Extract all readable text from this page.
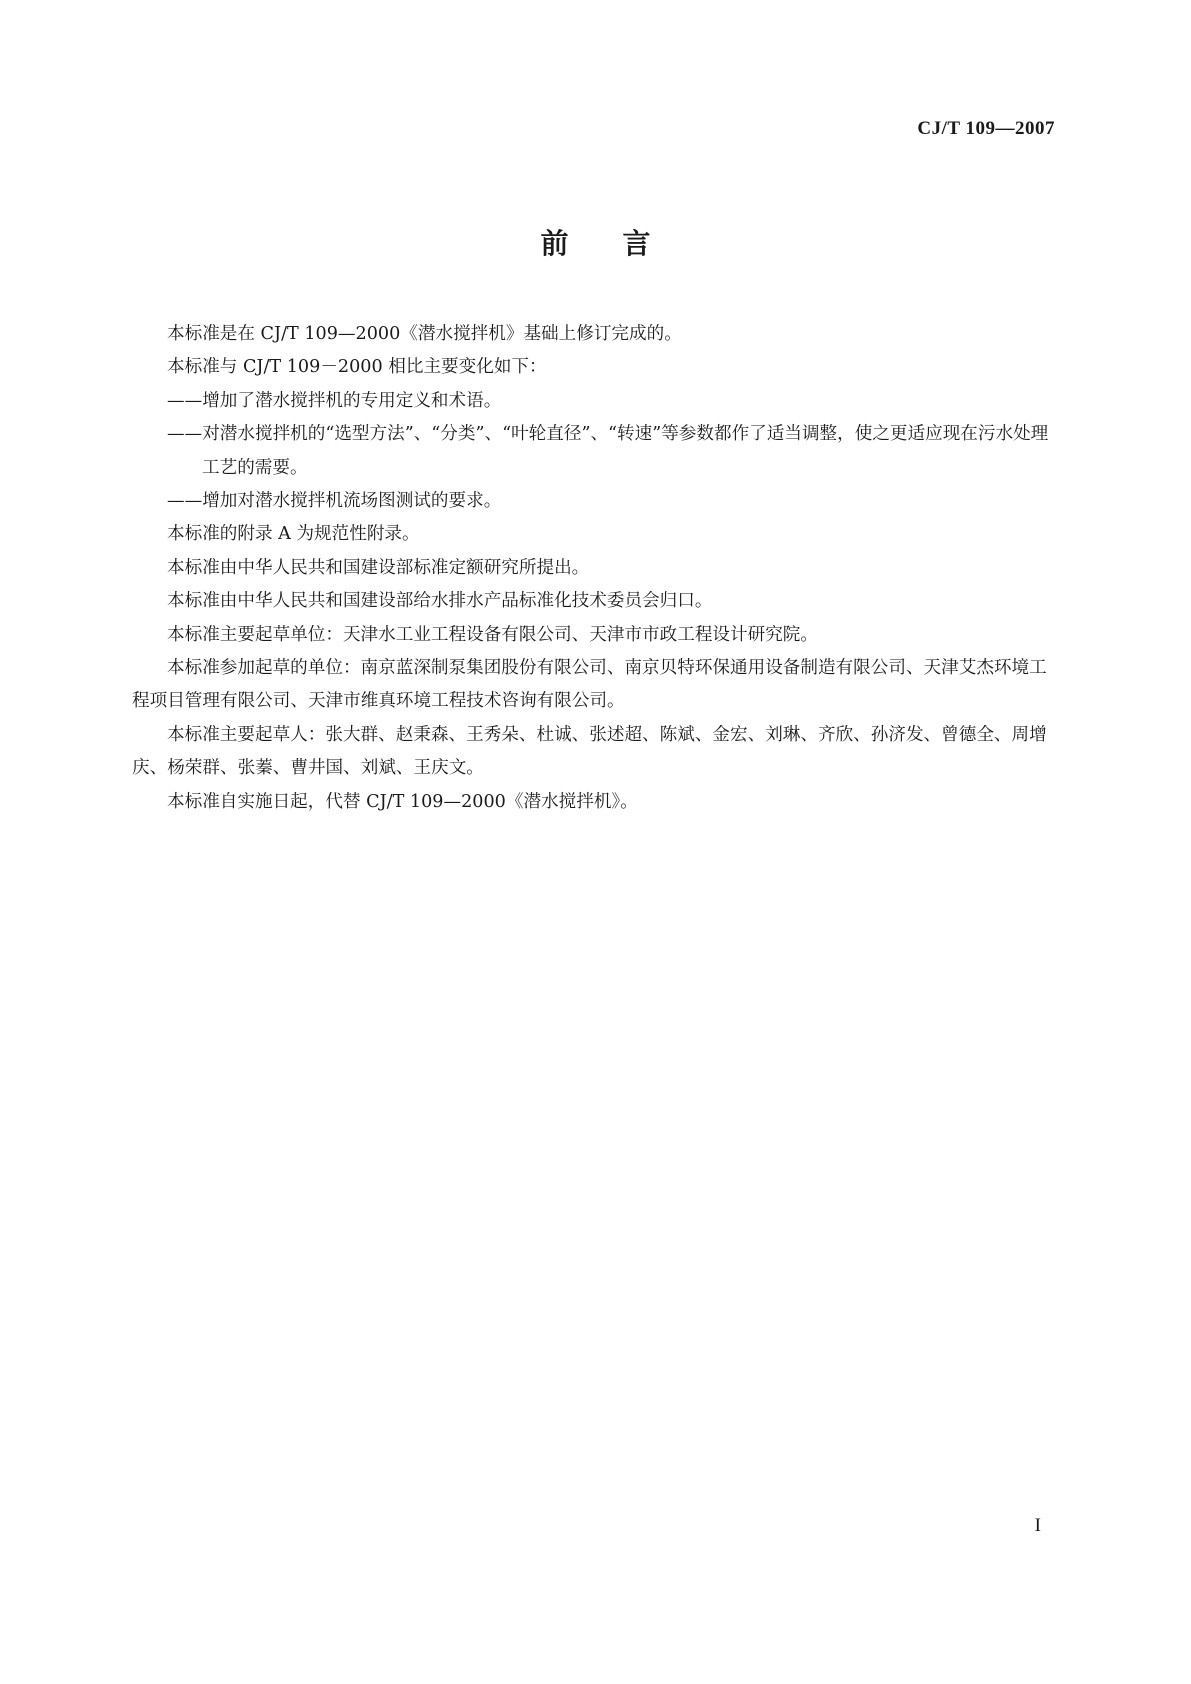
CJ/T 109—2007
前言

本标准是在 CJ/T 109—2000《潜水搅拌机》基础上修订完成的。

本标准与 CJ/T 109－2000 相比主要变化如下：

——增加了潜水搅拌机的专用定义和术语。

——对潜水搅拌机的“选型方法”、“分类”、“叶轮直径”、“转速”等参数都作了适当调整，使之更适应现在污水处理工艺的需要。

——增加对潜水搅拌机流场图测试的要求。

本标准的附录 A 为规范性附录。

本标准由中华人民共和国建设部标准定额研究所提出。

本标准由中华人民共和国建设部给水排水产品标准化技术委员会归口。

本标准主要起草单位：天津水工业工程设备有限公司、天津市市政工程设计研究院。

本标准参加起草的单位：南京蓝深制泵集团股份有限公司、南京贝特环保通用设备制造有限公司、天津艾杰环境工程项目管理有限公司、天津市维真环境工程技术咨询有限公司。

本标准主要起草人：张大群、赵秉森、王秀朵、杜诚、张述超、陈斌、金宏、刘琳、齐欣、孙济发、曾德全、周增庆、杨荣群、张蓁、曹井国、刘斌、王庆文。

本标准自实施日起，代替 CJ/T 109—2000《潜水搅拌机》。

I
